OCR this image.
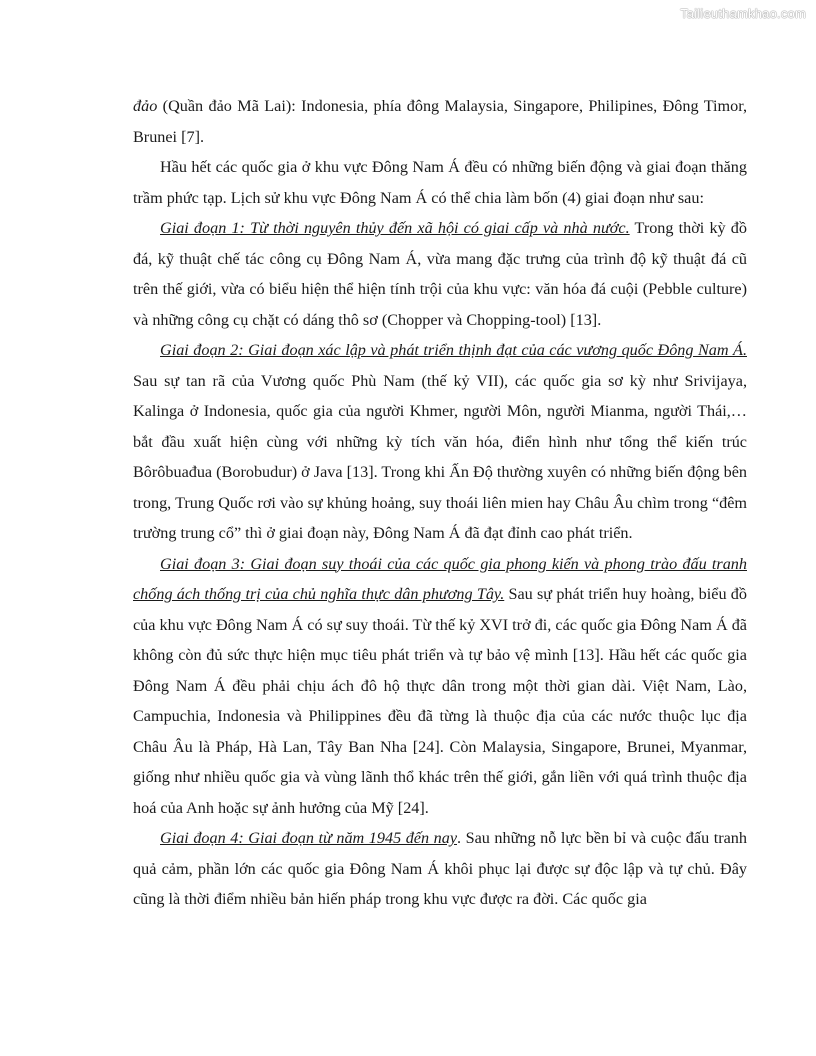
Tailieuthamkhao.com

đảo (Quần đảo Mã Lai): Indonesia, phía đông Malaysia, Singapore, Philipines, Đông Timor, Brunei [7].

Hầu hết các quốc gia ở khu vực Đông Nam Á đều có những biến động và giai đoạn thăng trầm phức tạp. Lịch sử khu vực Đông Nam Á có thể chia làm bốn (4) giai đoạn như sau:

Giai đoạn 1: Từ thời nguyên thủy đến xã hội có giai cấp và nhà nước. Trong thời kỳ đồ đá, kỹ thuật chế tác công cụ Đông Nam Á, vừa mang đặc trưng của trình độ kỹ thuật đá cũ trên thế giới, vừa có biểu hiện thể hiện tính trội của khu vực: văn hóa đá cuội (Pebble culture) và những công cụ chặt có dáng thô sơ (Chopper và Chopping-tool) [13].

Giai đoạn 2: Giai đoạn xác lập và phát triển thịnh đạt của các vương quốc Đông Nam Á. Sau sự tan rã của Vương quốc Phù Nam (thế kỷ VII), các quốc gia sơ kỳ như Srivijaya, Kalinga ở Indonesia, quốc gia của người Khmer, người Môn, người Mianma, người Thái,… bắt đầu xuất hiện cùng với những kỳ tích văn hóa, điển hình như tổng thể kiến trúc Bôrôbuađua (Borobudur) ở Java [13]. Trong khi Ấn Độ thường xuyên có những biến động bên trong, Trung Quốc rơi vào sự khủng hoảng, suy thoái liên mien hay Châu Âu chìm trong “đêm trường trung cổ” thì ở giai đoạn này, Đông Nam Á đã đạt đỉnh cao phát triển.

Giai đoạn 3: Giai đoạn suy thoái của các quốc gia phong kiến và phong trào đấu tranh chống ách thống trị của chủ nghĩa thực dân phương Tây. Sau sự phát triển huy hoàng, biểu đồ của khu vực Đông Nam Á có sự suy thoái. Từ thế kỷ XVI trở đi, các quốc gia Đông Nam Á đã không còn đủ sức thực hiện mục tiêu phát triển và tự bảo vệ mình [13]. Hầu hết các quốc gia Đông Nam Á đều phải chịu ách đô hộ thực dân trong một thời gian dài. Việt Nam, Lào, Campuchia, Indonesia và Philippines đều đã từng là thuộc địa của các nước thuộc lục địa Châu Âu là Pháp, Hà Lan, Tây Ban Nha [24]. Còn Malaysia, Singapore, Brunei, Myanmar, giống như nhiều quốc gia và vùng lãnh thổ khác trên thế giới, gắn liền với quá trình thuộc địa hoá của Anh hoặc sự ảnh hưởng của Mỹ [24].

Giai đoạn 4: Giai đoạn từ năm 1945 đến nay. Sau những nỗ lực bền bỉ và cuộc đấu tranh quả cảm, phần lớn các quốc gia Đông Nam Á khôi phục lại được sự độc lập và tự chủ. Đây cũng là thời điểm nhiều bản hiến pháp trong khu vực được ra đời. Các quốc gia
